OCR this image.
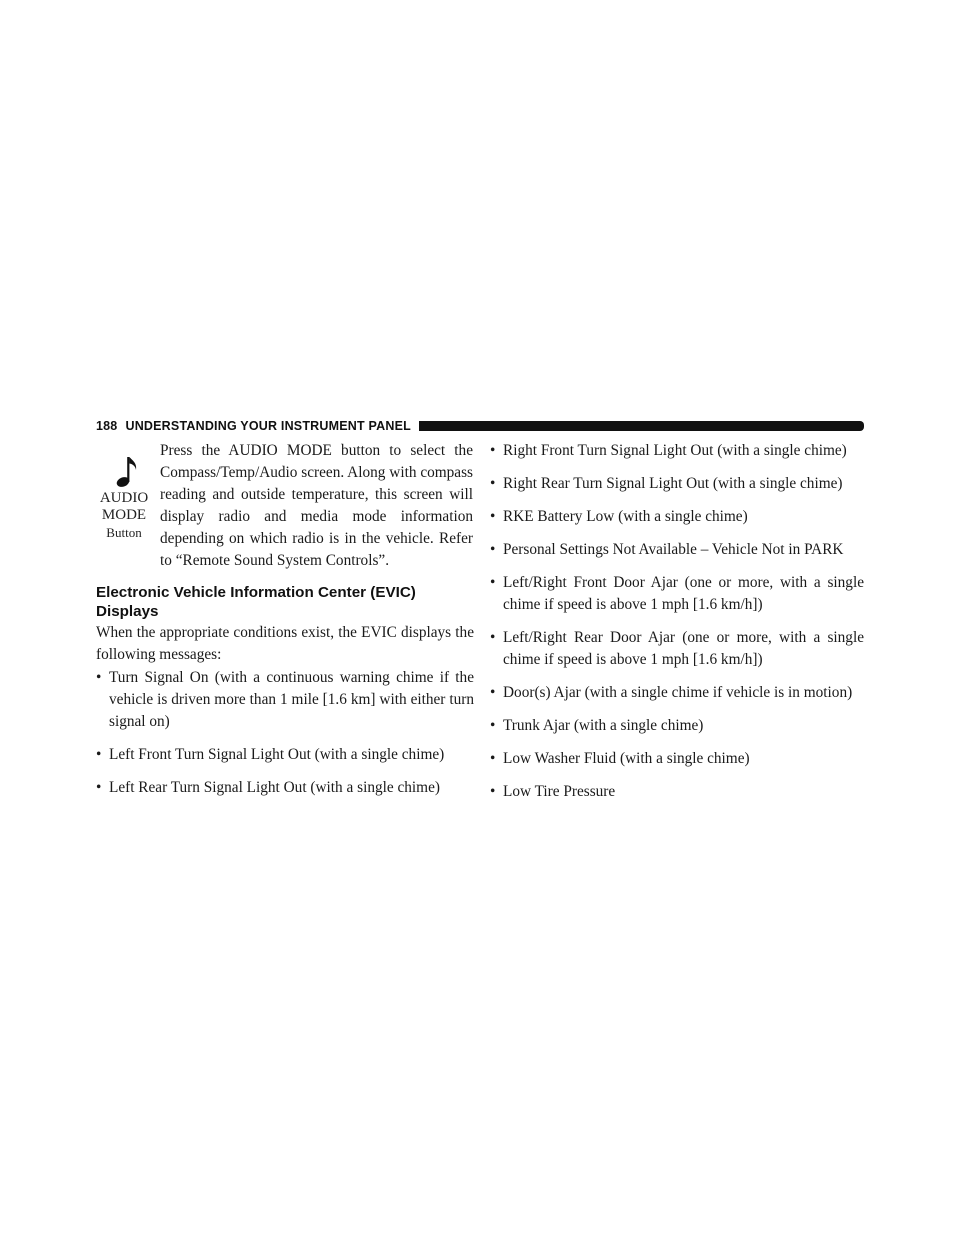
188 UNDERSTANDING YOUR INSTRUMENT PANEL
AUDIO
MODE
Button
Press the AUDIO MODE button to select the Compass/Temp/Audio screen. Along with compass reading and outside temperature, this screen will display radio and media mode information depending on which radio is in the vehicle. Refer to “Remote Sound System Controls”.
Electronic Vehicle Information Center (EVIC) Displays
When the appropriate conditions exist, the EVIC displays the following messages:
• Turn Signal On (with a continuous warning chime if the vehicle is driven more than 1 mile [1.6 km] with either turn signal on)
• Left Front Turn Signal Light Out (with a single chime)
• Left Rear Turn Signal Light Out (with a single chime)
• Right Front Turn Signal Light Out (with a single chime)
• Right Rear Turn Signal Light Out (with a single chime)
• RKE Battery Low (with a single chime)
• Personal Settings Not Available – Vehicle Not in PARK
• Left/Right Front Door Ajar (one or more, with a single chime if speed is above 1 mph [1.6 km/h])
• Left/Right Rear Door Ajar (one or more, with a single chime if speed is above 1 mph [1.6 km/h])
• Door(s) Ajar (with a single chime if vehicle is in motion)
• Trunk Ajar (with a single chime)
• Low Washer Fluid (with a single chime)
• Low Tire Pressure
